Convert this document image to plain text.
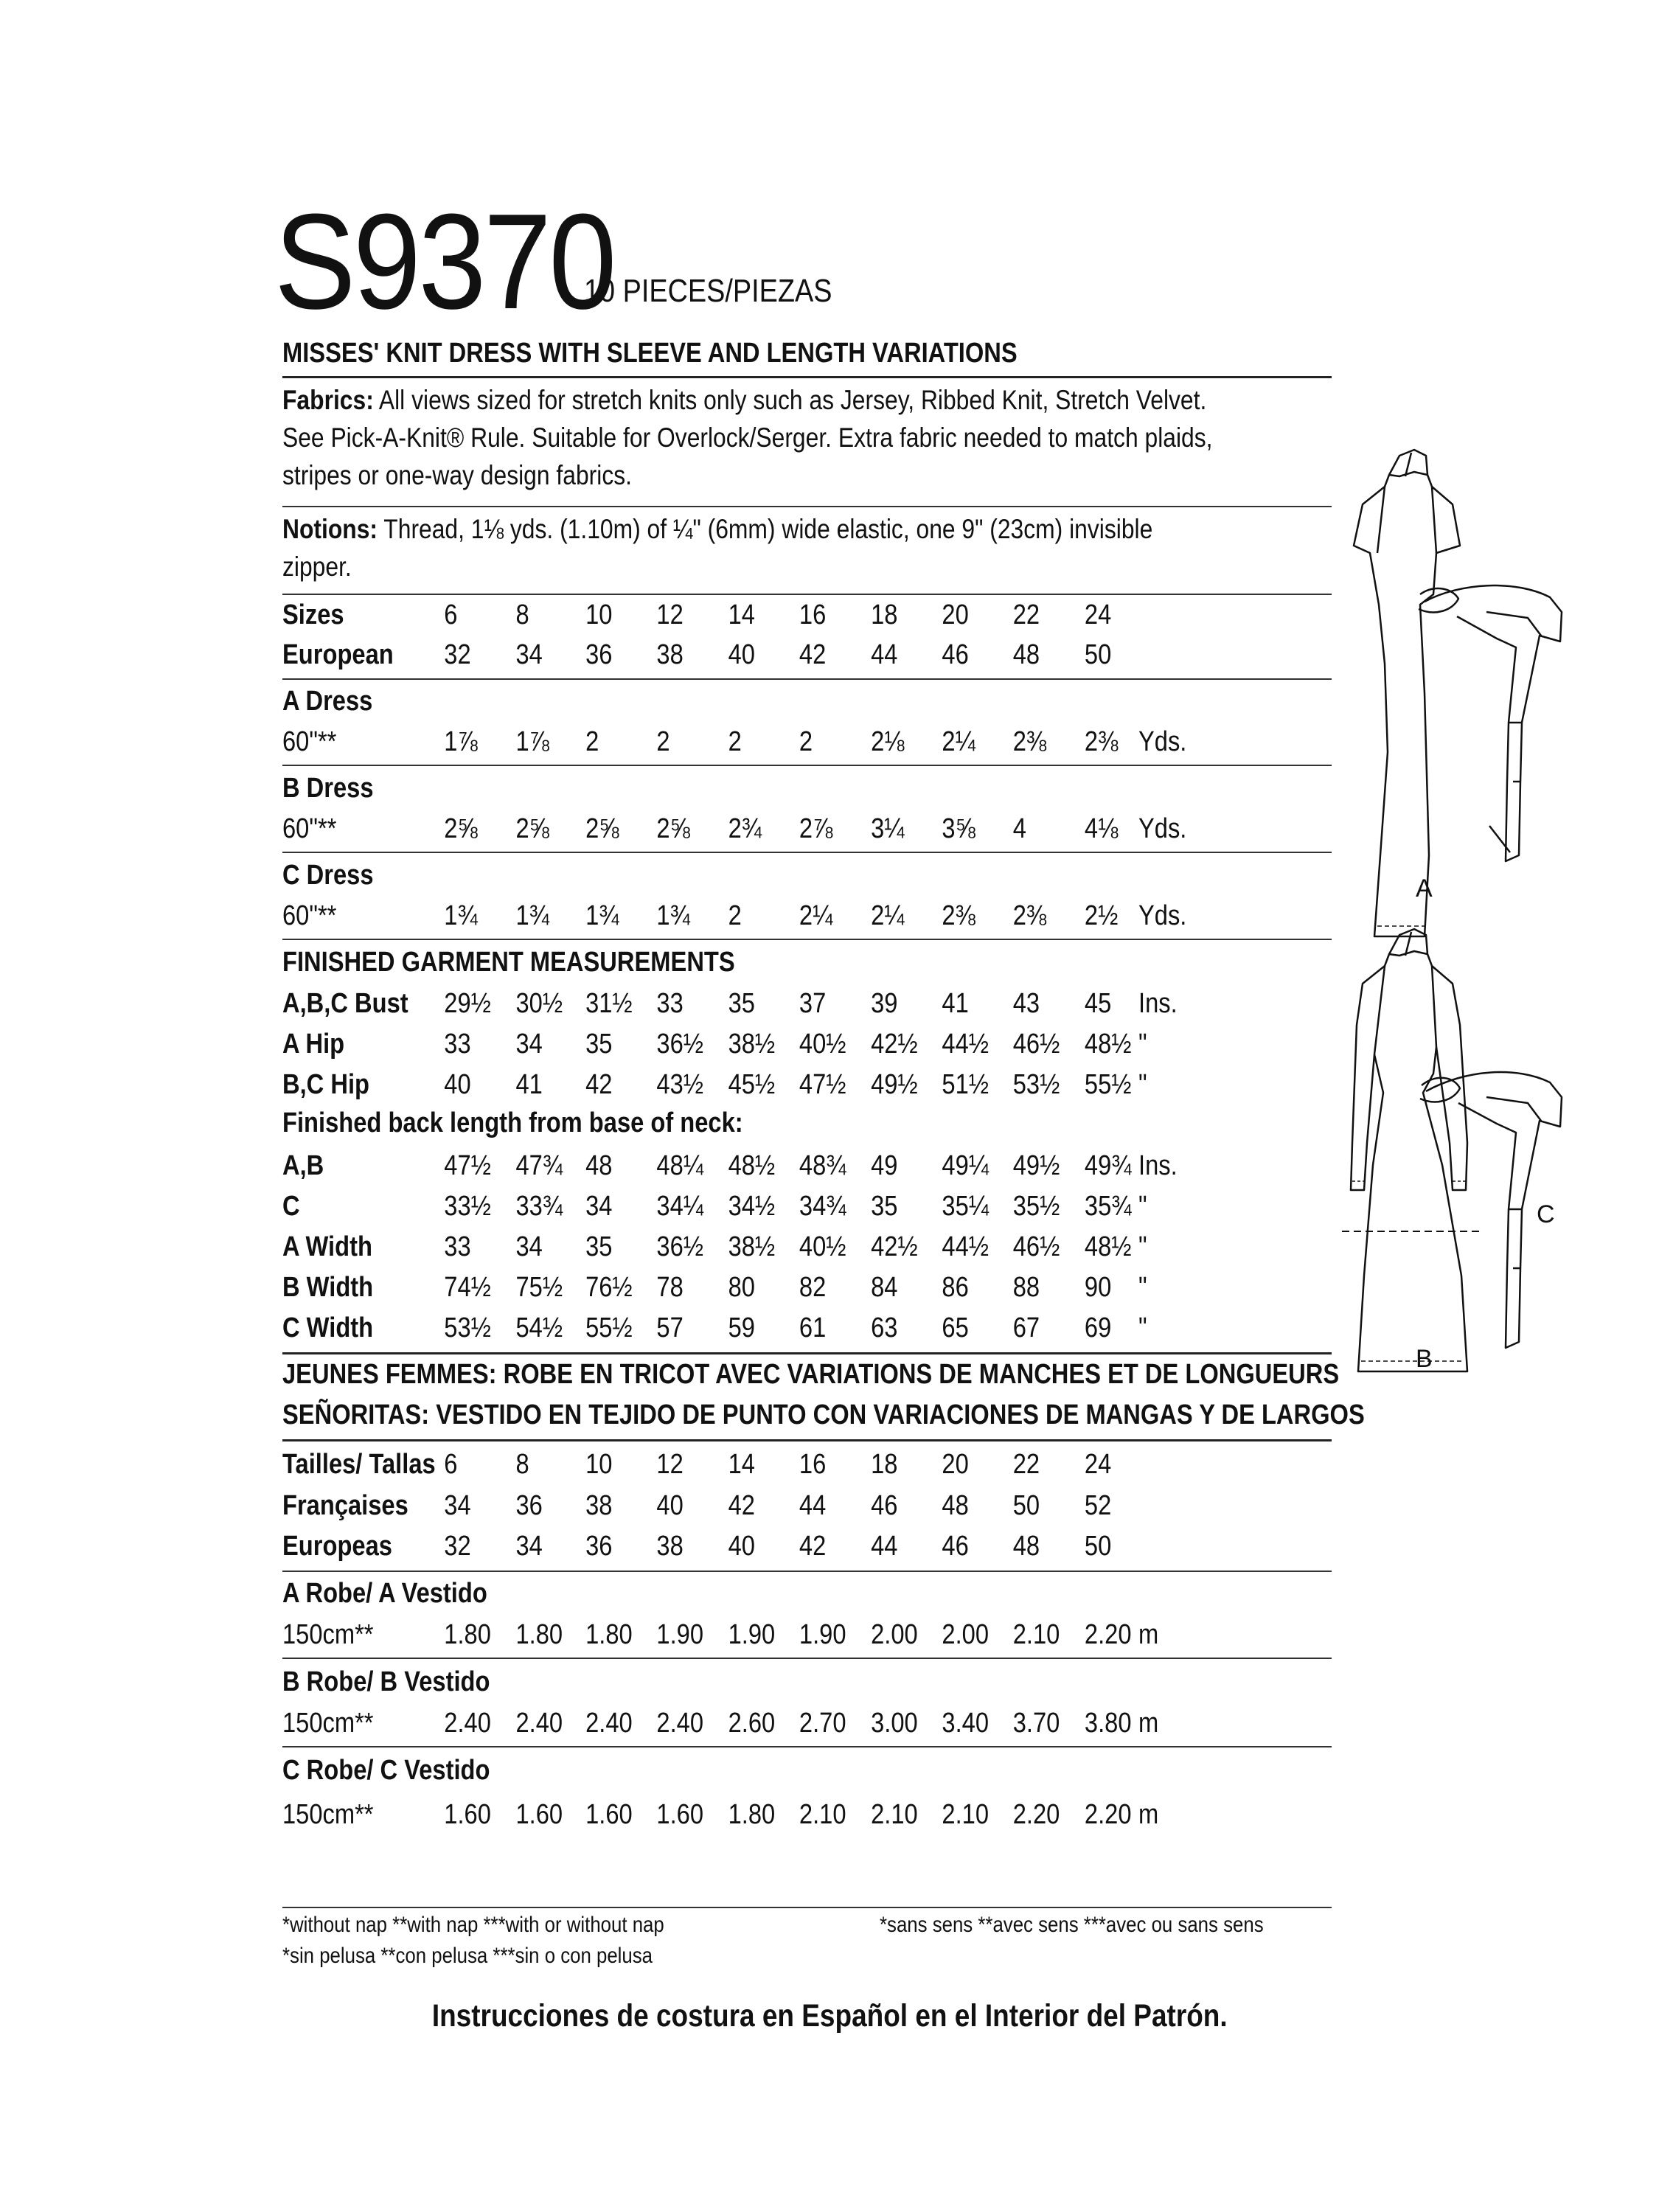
S9370
10 PIECES/PIEZAS
MISSES' KNIT DRESS WITH SLEEVE AND LENGTH VARIATIONS
Fabrics: All views sized for stretch knits only such as Jersey, Ribbed Knit, Stretch Velvet.
See Pick-A-Knit® Rule. Suitable for Overlock/Serger. Extra fabric needed to match plaids,
stripes or one-way design fabrics.
Notions: Thread, 1⅛ yds. (1.10m) of ¼" (6mm) wide elastic, one 9" (23cm) invisible
zipper.
Sizes	6 8 10 12 14 16 18 20 22 24
European 32 34 36 38 40 42 44 46 48 50
A Dress
60"**	1⅞ 1⅞ 2 2 2 2 2⅛ 2¼ 2⅜ 2⅜ Yds.
B Dress
60"**	2⅝ 2⅝ 2⅝ 2⅝ 2¾ 2⅞ 3¼ 3⅝ 4 4⅛ Yds.
C Dress
60"**	1¾ 1¾ 1¾ 1¾ 2 2¼ 2¼ 2⅜ 2⅜ 2½ Yds.
FINISHED GARMENT MEASUREMENTS
A,B,C Bust 29½ 30½ 31½ 33 35 37 39 41 43 45 Ins.
A Hip	33 34 35 36½ 38½ 40½ 42½ 44½ 46½ 48½ "
B,C Hip	40 41 42 43½ 45½ 47½ 49½ 51½ 53½ 55½ "
Finished back length from base of neck:
A,B	47½ 47¾ 48 48¼ 48½ 48¾ 49 49¼ 49½ 49¾ Ins.
C	33½ 33¾ 34 34¼ 34½ 34¾ 35 35¼ 35½ 35¾ "
A Width	33 34 35 36½ 38½ 40½ 42½ 44½ 46½ 48½ "
B Width	74½ 75½ 76½ 78 80 82 84 86 88 90 "
C Width	53½ 54½ 55½ 57 59 61 63 65 67 69 "
JEUNES FEMMES: ROBE EN TRICOT AVEC VARIATIONS DE MANCHES ET DE LONGUEURS
SEÑORITAS: VESTIDO EN TEJIDO DE PUNTO CON VARIACIONES DE MANGAS Y DE LARGOS
Tailles/ Tallas 6 8 10 12 14 16 18 20 22 24
Françaises 34 36 38 40 42 44 46 48 50 52
Europeas 32 34 36 38 40 42 44 46 48 50
A Robe/ A Vestido
150cm**	1.80 1.80 1.80 1.90 1.90 1.90 2.00 2.00 2.10 2.20 m
B Robe/ B Vestido
150cm**	2.40 2.40 2.40 2.40 2.60 2.70 3.00 3.40 3.70 3.80 m
C Robe/ C Vestido
150cm**	1.60 1.60 1.60 1.60 1.80 2.10 2.10 2.10 2.20 2.20 m
*without nap **with nap ***with or without nap	*sans sens **avec sens ***avec ou sans sens
*sin pelusa **con pelusa ***sin o con pelusa
Instrucciones de costura en Español en el Interior del Patrón.
A
B
C
